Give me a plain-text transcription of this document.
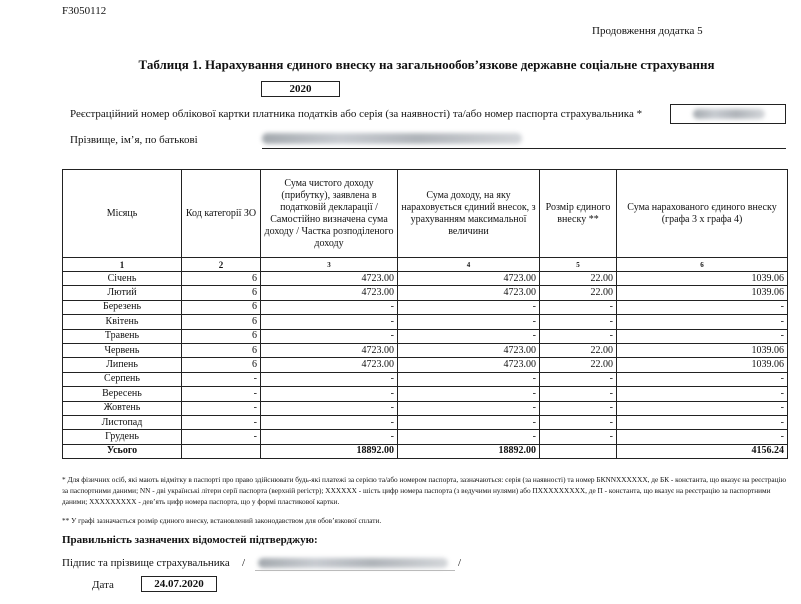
F3050112
Продовження додатка 5
Таблиця 1. Нарахування єдиного внеску на загальнообов’язкове державне соціальне страхування
2020
Реєстраційний номер облікової картки платника податків або серія (за наявності) та/або номер паспорта страхувальника *
Прізвище, ім’я, по батькові
Місяць	Код категорії ЗО	Сума чистого доходу (прибутку), заявлена в податковій декларації / Самостійно визначена сума доходу / Частка розподіленого доходу	Сума доходу, на яку нараховується єдиний внесок, з урахуванням максимальної величини	Розмір єдиного внеску **	Сума нарахованого єдиного внеску (графа 3 х графа 4)
1	2	3	4	5	6
Січень	6	4723.00	4723.00	22.00	1039.06
Лютий	6	4723.00	4723.00	22.00	1039.06
Березень	6	-	-	-	-
Квітень	6	-	-	-	-
Травень	6	-	-	-	-
Червень	6	4723.00	4723.00	22.00	1039.06
Липень	6	4723.00	4723.00	22.00	1039.06
Серпень	-	-	-	-	-
Вересень	-	-	-	-	-
Жовтень	-	-	-	-	-
Листопад	-	-	-	-	-
Грудень	-	-	-	-	-
Усього		18892.00	18892.00		4156.24
* Для фізичних осіб, які мають відмітку в паспорті про право здійснювати будь-які платежі за серією та/або номером паспорта, зазначаються: серія (за наявності) та номер БКNNXXXXXX, де БК - константа, що вказує на реєстрацію за паспортними даними; NN - дві українські літери серії паспорта (верхній регістр); XXXXXX - шість цифр номера паспорта (з ведучими нулями) або ПXXXXXXXXX, де П - константа, що вказує на реєстрацію за паспортними даними; XXXXXXXXX - дев’ять цифр номера паспорта, що у формі пластикової картки.
** У графі зазначається розмір єдиного внеску, встановлений законодавством для обов’язкової сплати.
Правильність зазначених відомостей підтверджую:
Підпис та прізвище страхувальника /	/
Дата	24.07.2020
